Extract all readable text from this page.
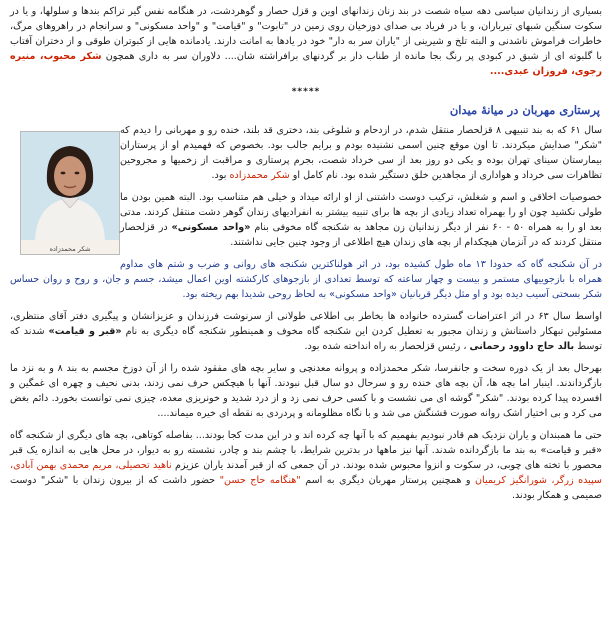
بسیاری از زندانیان سیاسی دهه سیاه شصت در بند زنان زندانهای اوین و قزل حصار و گوهردشت، در هنگامه نفس گیر تراکم بندها و سلولها، و یا در سکوت سنگین شبهای تیرباران، و یا در فریاد بی صدای دوزخیان روی زمین در "تابوت" و "قیامت" و "واحد مسکونی" و سرانجام در راهروهای مرگ، خاطرات فراموش ناشدنی و البته تلخ و شیرینی از "یاران سر به دار" خود در یادها به امانت دارند. یادمانده هایی از کبوتران طوقی و از دختران آفتاب با گلبوته ای از شبق در کبودی پر رنگ بجا مانده از طناب دار بر گردنهای برافراشته شان.... دلاوران سر به داری همچون شکر محبوب، منیره رجوی، فروزان عبدی....

*****
پرستاری مهربان در میانهٔ میدان
شکر محمدزاده

سال ۶۱ که به بند تنبیهی ۸ قزلحصار منتقل شدم، در ازدحام و شلوغی بند، دختری قد بلند، خنده رو و مهربانی را دیدم که "شکر" صدایش میکردند. تا اون موقع چنین اسمی نشنیده بودم و برایم جالب بود. بخصوص که فهمیدم او از پرستاران بیمارستان سینای تهران بوده و یکی دو روز بعد از سی خرداد شصت، بجرم پرستاری و مراقبت از زخمیها و مجروحین تظاهرات سی خرداد و هواداری از مجاهدین خلق دستگیر شده بود. نام کامل او شکر محمدزاده بود.

خصوصیات اخلاقی و اسم و شغلش، ترکیب دوست داشتنی از او ارائه میداد و خیلی هم متناسب بود. البته همین بودن ما طولی نکشید چون او را بهمراه تعداد زیادی از بچه ها برای تنبیه بیشتر به انفرادیهای زندان گوهر دشت منتقل کردند. مدتی بعد او را به همراه ۵۰ - ۶۰ نفر از دیگر زندانیان زن مجاهد به شکنجه گاه مخوفی بنام «واحد مسکونی» در قزلحصار منتقل کردند که در آنزمان هیچکدام از بچه های زندان هیچ اطلاعی از وجود چنین جایی نداشتند.

در آن شکنجه گاه که حدودا ۱۳ ماه طول کشیده بود، در اثر هولناکترین شکنجه های روانی و ضرب و شتم های مداوم همراه با بازجوییهای مستمر و بیست و چهار ساعته که توسط تعدادی از بازجوهای کارکشته اوین اعمال میشد، جسم و جان، و روح و روان حساس شکر بسختی آسیب دیده بود و او مثل دیگر قربانیان «واحد مسکونی» به لحاظ روحی شدیدا بهم ریخته بود.

اواسط سال ۶۳ در اثر اعتراضات گسترده خانواده ها بخاطر بی اطلاعی طولانی از سرنوشت فرزندان و عزیزانشان و پیگیری دفتر آقای منتظری، مسئولین تبهکار داستانش و زندان مجبور به تعطیل کردن این شکنجه گاه مخوف و همینطور شکنجه گاه دیگری به نام «قبر و قیامت» شدند که توسط بالد حاج داوود رحمانی ، رئیس قزلحصار به راه انداخته شده بود.

بهرحال بعد از یک دوره سخت و جانفرسا، شکر محمدزاده و پروانه معدنچی و سایر بچه های مفقود شده را از آن دوزخ مجسم به بند ۸ و به نزد ما بازگرداندند. اینبار اما بچه ها، آن بچه های خنده رو و سرحال دو سال قبل نبودند. آنها با هیچکس حرف نمی زدند، بدنی نحیف و چهره ای غمگین و افسرده پیدا کرده بودند. "شکر" گوشه ای می نشست و با کسی حرف نمی زد و از درد شدید و خونریزی معده، چیزی نمی توانست بخورد. دائم بغض می کرد و بی اختیار اشک روانه صورت قشنگش می شد و با نگاه مظلومانه و پردردی به نقطه ای خیره میماند....

حتی ما همبندان و یاران نزدیک هم قادر نبودیم بفهمیم که با آنها چه کرده اند و در این مدت کجا بودند... بفاصله کوتاهی، بچه های دیگری از شکنجه گاه «قبر و قیامت» به بند ما بازگردانده شدند. آنها نیز ماهها در بدترین شرایط، با چشم بند و چادر، نشسته رو به دیوار، در محل هایی به اندازه یک قبر محصور با تخته های چوبی، در سکوت و انزوا محبوس شده بودند. در آن جمعی که از قبر آمدند یاران عزیزم ناهید تحصیلی، مریم محمدی بهمن آبادی، سپیده زرگر، شورانگیز کریمیان و همچنین پرستار مهربان دیگری به اسم "هنگامه حاج حسن" حضور داشت که از بیرون زندان با "شکر" دوست صمیمی و همکار بودند.
